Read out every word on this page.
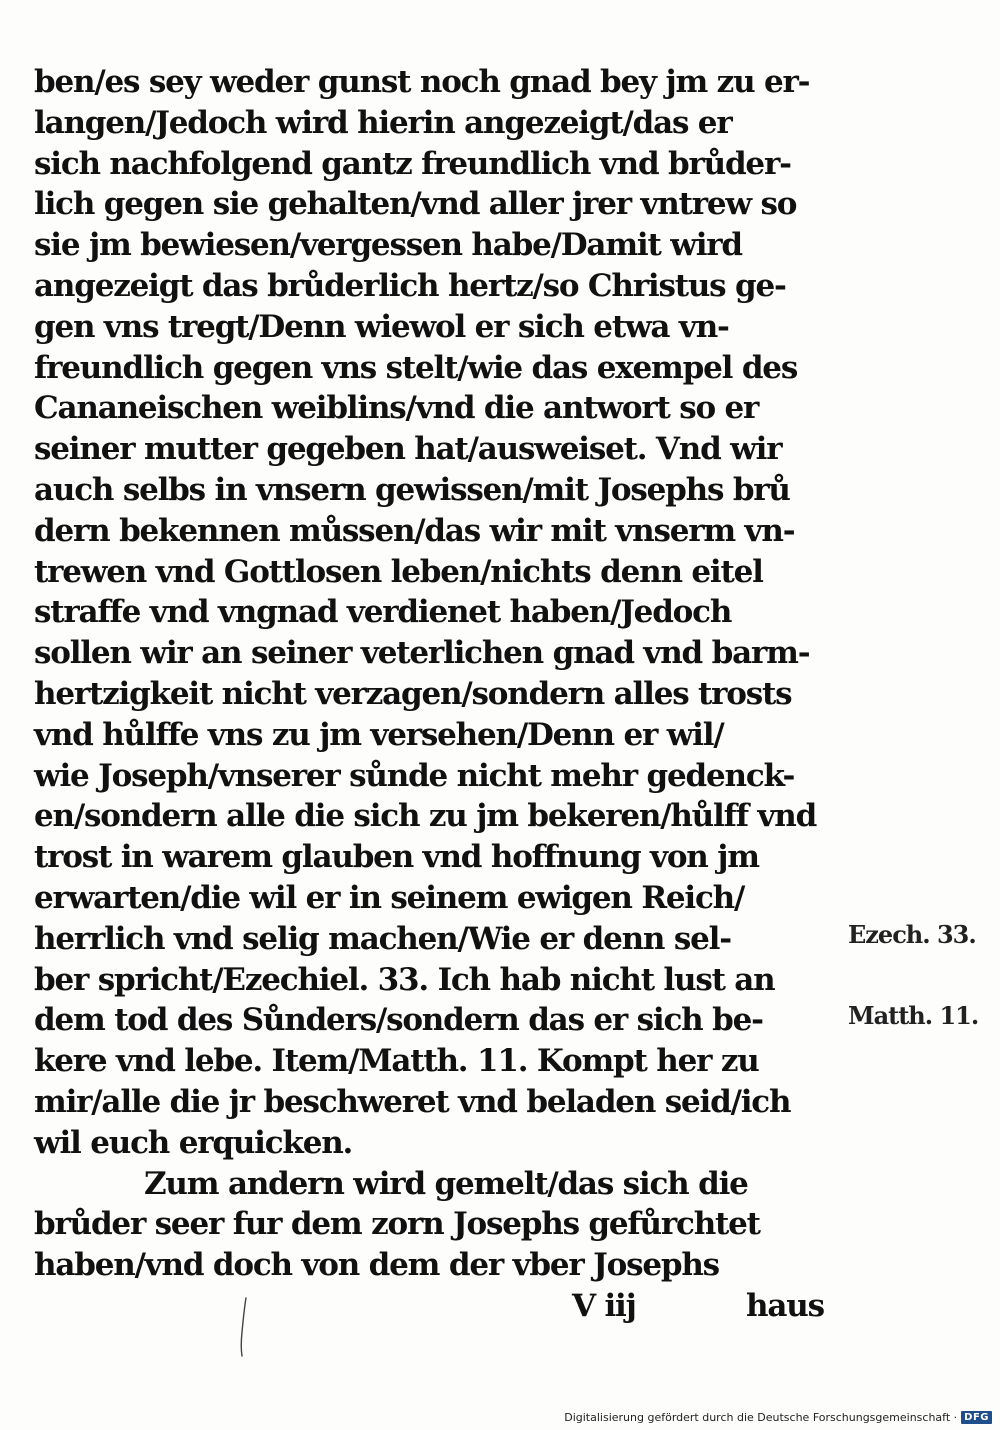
ben/es sey weder gunst noch gnad bey jm zu er-
langen/Jedoch wird hierin angezeigt/das er
sich nachfolgend gantz freundlich vnd brůder-
lich gegen sie gehalten/vnd aller jrer vntrew so
sie jm bewiesen/vergessen habe/Damit wird
angezeigt das brůderlich hertz/so Christus ge-
gen vns tregt/Denn wiewol er sich etwa vn-
freundlich gegen vns stelt/wie das exempel des
Cananeischen weiblins/vnd die antwort so er
seiner mutter gegeben hat/ausweiset. Vnd wir
auch selbs in vnsern gewissen/mit Josephs brů
dern bekennen můssen/das wir mit vnserm vn-
trewen vnd Gottlosen leben/nichts denn eitel
straffe vnd vngnad verdienet haben/Jedoch
sollen wir an seiner veterlichen gnad vnd barm-
hertzigkeit nicht verzagen/sondern alles trosts
vnd hůlffe vns zu jm versehen/Denn er wil/
wie Joseph/vnserer sůnde nicht mehr gedenck-
en/sondern alle die sich zu jm bekeren/hůlff vnd
trost in warem glauben vnd hoffnung von jm
erwarten/die wil er in seinem ewigen Reich/
herrlich vnd selig machen/Wie er denn sel-
ber spricht/Ezechiel. 33. Ich hab nicht lust an
dem tod des Sůnders/sondern das er sich be-
kere vnd lebe. Item/Matth. 11. Kompt her zu
mir/alle die jr beschweret vnd beladen seid/ich
wil euch erquicken.
Zum andern wird gemelt/das sich die
brůder seer fur dem zorn Josephs gefůrchtet
haben/vnd doch von dem der vber Josephs
V iij	haus
Ezech. 33.
Matth. 11.
Digitalisierung gefördert durch die Deutsche Forschungsgemeinschaft · DFG
